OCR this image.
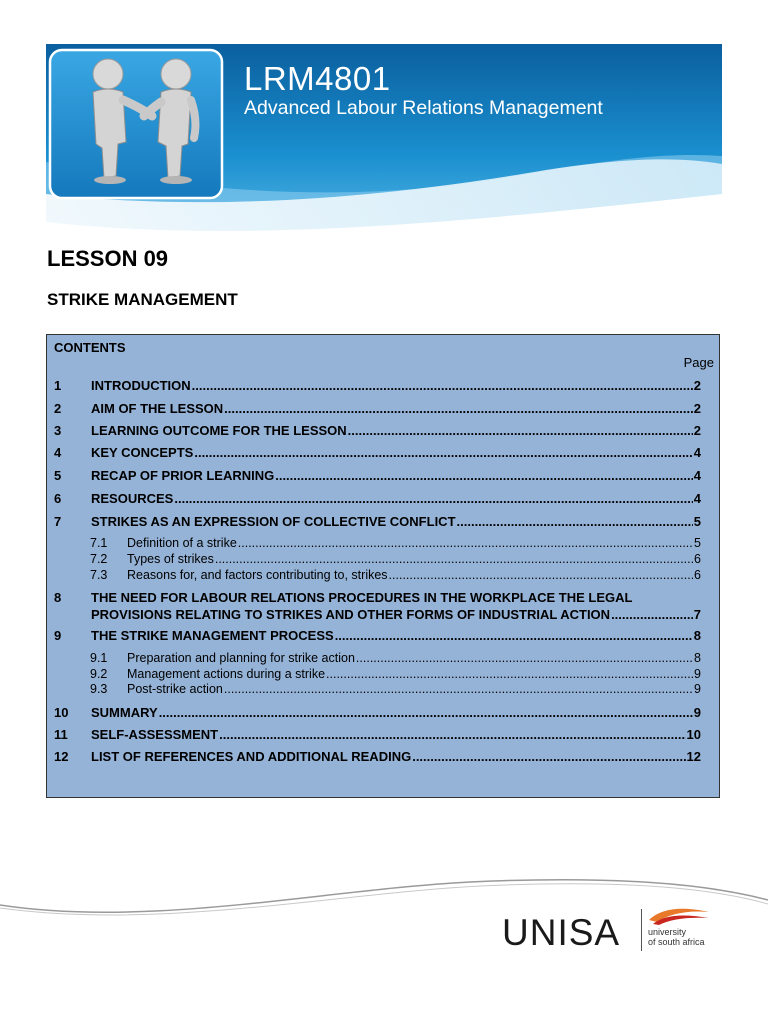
LRM4801
Advanced Labour Relations Management
LESSON 09
STRIKE MANAGEMENT
CONTENTS
Page
1	INTRODUCTION .....	2
2	AIM OF THE LESSON .....	2
3	LEARNING OUTCOME FOR THE LESSON .....	2
4	KEY CONCEPTS .....	4
5	RECAP OF PRIOR LEARNING .....	4
6	RESOURCES .....	4
7	STRIKES AS AN EXPRESSION OF COLLECTIVE CONFLICT .....	5
7.1	Definition of a strike .....	5
7.2	Types of strikes .....	6
7.3	Reasons for, and factors contributing to, strikes .....	6
8 THE NEED FOR LABOUR RELATIONS PROCEDURES IN THE WORKPLACE THE LEGAL
PROVISIONS RELATING TO STRIKES AND OTHER FORMS OF INDUSTRIAL ACTION .....	7
9	THE STRIKE MANAGEMENT PROCESS .....	8
9.1	Preparation and planning for strike action .....	8
9.2	Management actions during a strike .....	9
9.3	Post-strike action .....	9
10	SUMMARY .....	9
11	SELF-ASSESSMENT .....	10
12	LIST OF REFERENCES AND ADDITIONAL READING .....	12
UNISA	university
of south africa
